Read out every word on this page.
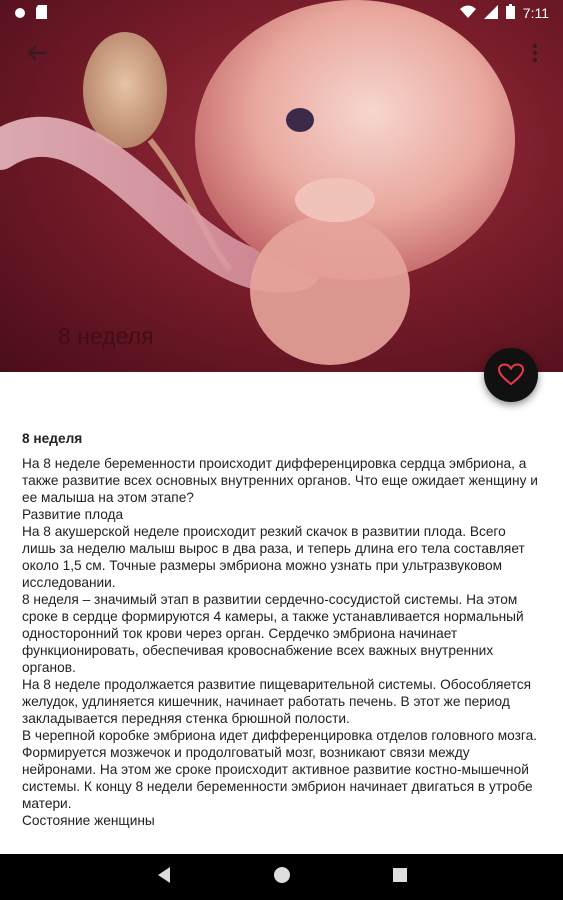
7:11
8 неделя
8 неделя

На 8 неделе беременности происходит дифференцировка сердца эмбриона, а также развитие всех основных внутренних органов. Что еще ожидает женщину и ее малыша на этом этапе?

Развитие плода

На 8 акушерской неделе происходит резкий скачок в развитии плода. Всего лишь за неделю малыш вырос в два раза, и теперь длина его тела составляет около 1,5 см. Точные размеры эмбриона можно узнать при ультразвуковом исследовании.

8 неделя – значимый этап в развитии сердечно-сосудистой системы. На этом сроке в сердце формируются 4 камеры, а также устанавливается нормальный односторонний ток крови через орган. Сердечко эмбриона начинает функционировать, обеспечивая кровоснабжение всех важных внутренних органов.

На 8 неделе продолжается развитие пищеварительной системы. Обособляется желудок, удлиняется кишечник, начинает работать печень. В этот же период закладывается передняя стенка брюшной полости.

В черепной коробке эмбриона идет дифференцировка отделов головного мозга. Формируется мозжечок и продолговатый мозг, возникают связи между нейронами. На этом же сроке происходит активное развитие костно-мышечной системы. К концу 8 недели беременности эмбрион начинает двигаться в утробе матери.

Состояние женщины
